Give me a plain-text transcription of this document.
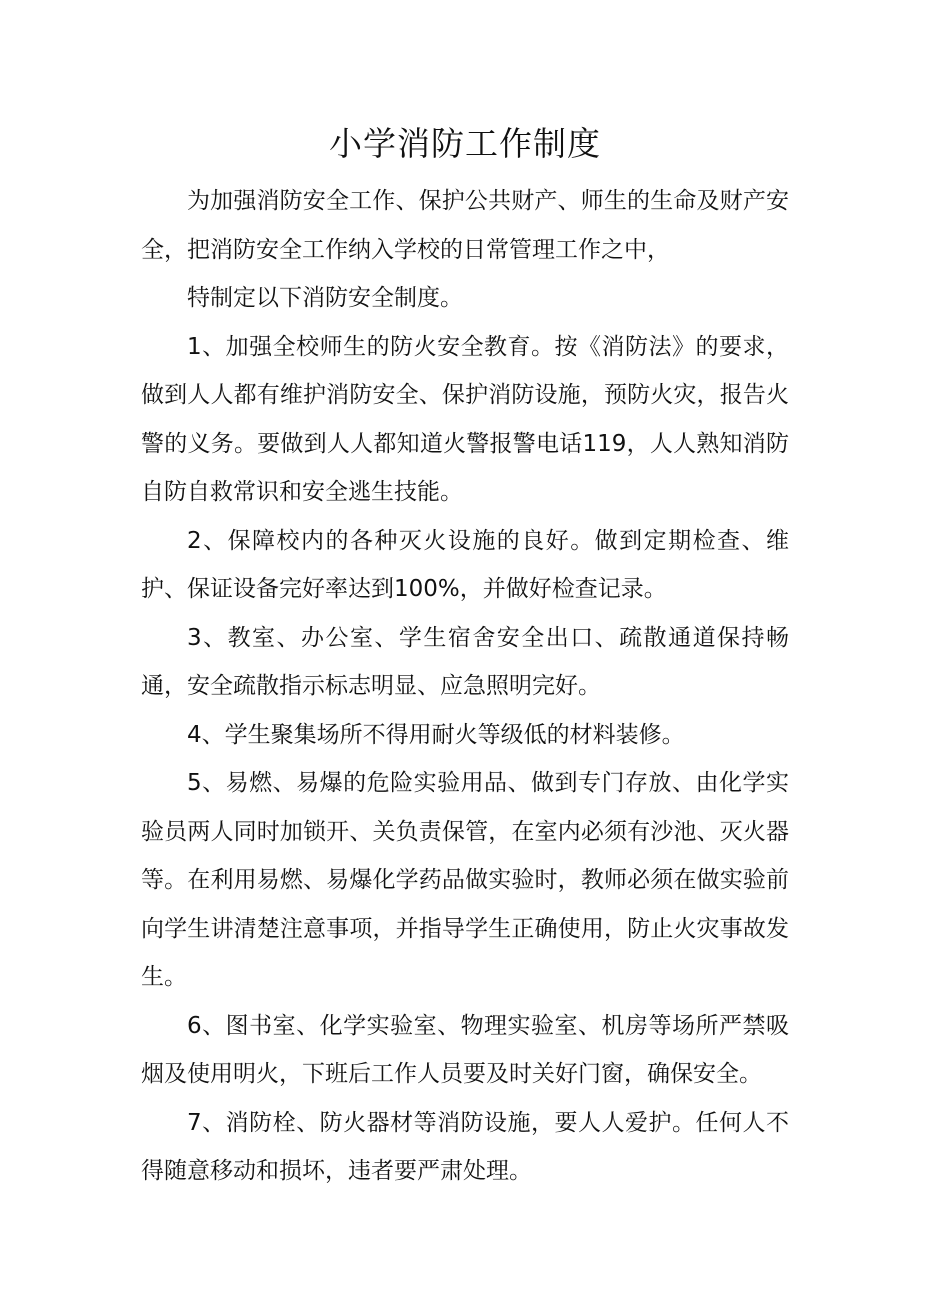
小学消防工作制度

为加强消防安全工作、保护公共财产、师生的生命及财产安全，把消防安全工作纳入学校的日常管理工作之中，

特制定以下消防安全制度。

1、加强全校师生的防火安全教育。按《消防法》的要求，做到人人都有维护消防安全、保护消防设施，预防火灾，报告火警的义务。要做到人人都知道火警报警电话119，人人熟知消防自防自救常识和安全逃生技能。

2、保障校内的各种灭火设施的良好。做到定期检查、维护、保证设备完好率达到100%，并做好检查记录。

3、教室、办公室、学生宿舍安全出口、疏散通道保持畅通，安全疏散指示标志明显、应急照明完好。

4、学生聚集场所不得用耐火等级低的材料装修。

5、易燃、易爆的危险实验用品、做到专门存放、由化学实验员两人同时加锁开、关负责保管，在室内必须有沙池、灭火器等。在利用易燃、易爆化学药品做实验时，教师必须在做实验前向学生讲清楚注意事项，并指导学生正确使用，防止火灾事故发生。

6、图书室、化学实验室、物理实验室、机房等场所严禁吸烟及使用明火，下班后工作人员要及时关好门窗，确保安全。

7、消防栓、防火器材等消防设施，要人人爱护。任何人不得随意移动和损坏，违者要严肃处理。
